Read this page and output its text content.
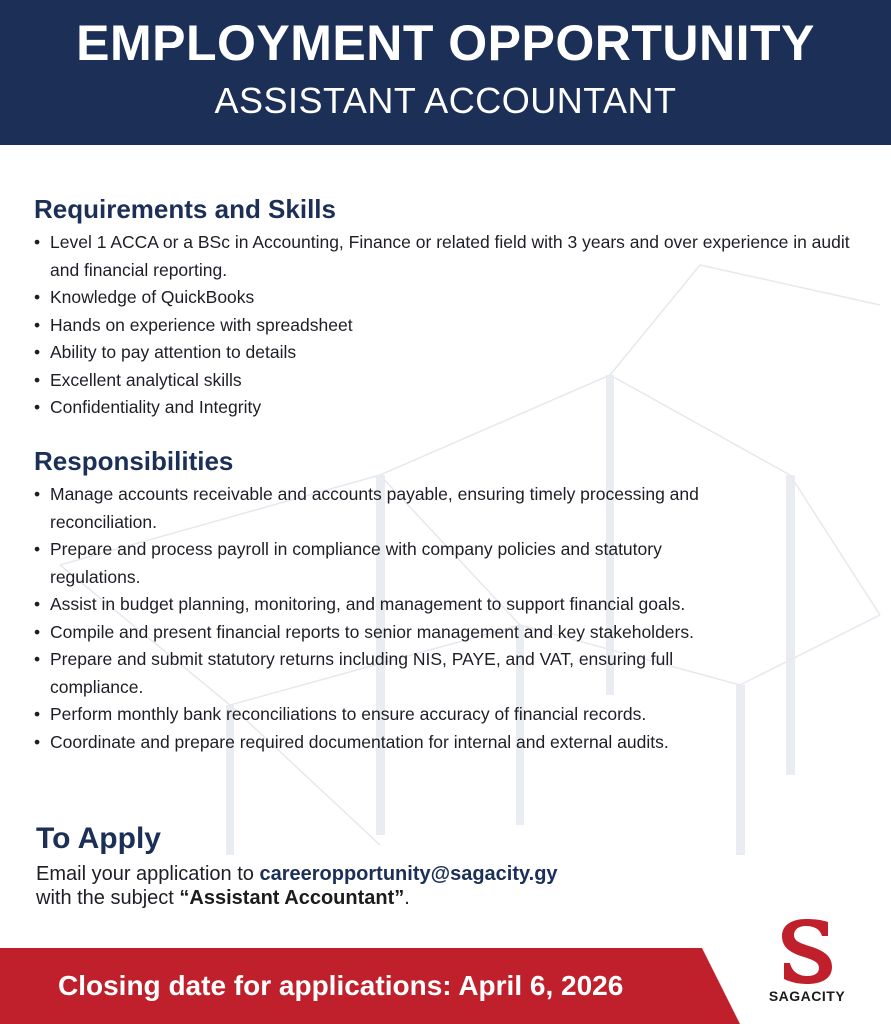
EMPLOYMENT OPPORTUNITY
ASSISTANT ACCOUNTANT
Requirements and Skills
• Level 1 ACCA or a BSc in Accounting, Finance or related field with 3 years and over experience in audit and financial reporting.
• Knowledge of QuickBooks
• Hands on experience with spreadsheet
• Ability to pay attention to details
• Excellent analytical skills
• Confidentiality and Integrity
Responsibilities
• Manage accounts receivable and accounts payable, ensuring timely processing and reconciliation.
• Prepare and process payroll in compliance with company policies and statutory regulations.
• Assist in budget planning, monitoring, and management to support financial goals.
• Compile and present financial reports to senior management and key stakeholders.
• Prepare and submit statutory returns including NIS, PAYE, and VAT, ensuring full compliance.
• Perform monthly bank reconciliations to ensure accuracy of financial records.
• Coordinate and prepare required documentation for internal and external audits.
To Apply

Email your application to careeropportunity@sagacity.gy
with the subject “Assistant Accountant”.

Closing date for applications: April 6, 2026	SAGACITY
